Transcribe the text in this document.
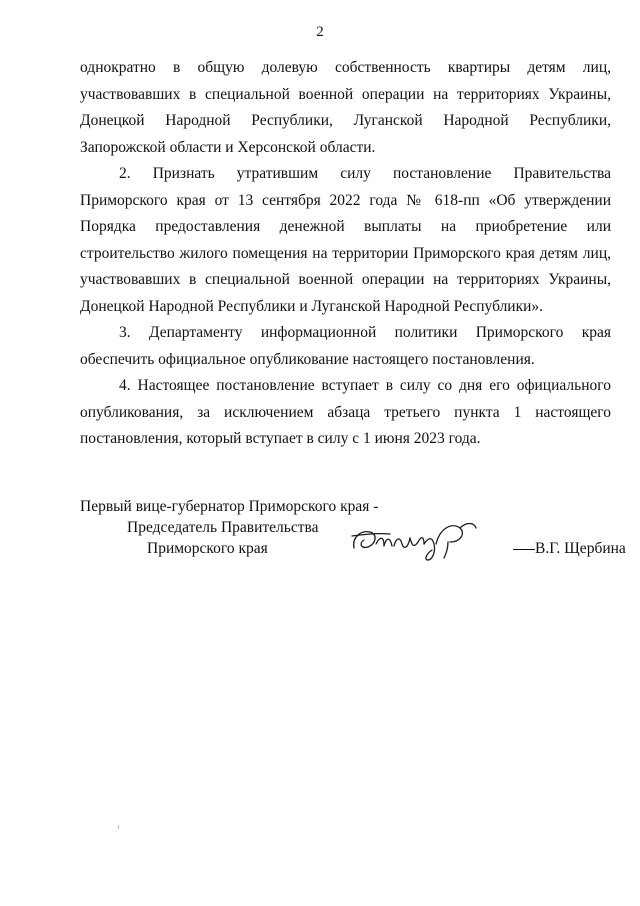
2

однократно в общую долевую собственность квартиры детям лиц, участвовавших в специальной военной операции на территориях Украины, Донецкой Народной Республики, Луганской Народной Республики, Запорожской области и Херсонской области.

2. Признать утратившим силу постановление Правительства Приморского края от 13 сентября 2022 года № 618-пп «Об утверждении Порядка предоставления денежной выплаты на приобретение или строительство жилого помещения на территории Приморского края детям лиц, участвовавших в специальной военной операции на территориях Украины, Донецкой Народной Республики и Луганской Народной Республики».

3. Департаменту информационной политики Приморского края обеспечить официальное опубликование настоящего постановления.

4. Настоящее постановление вступает в силу со дня его официального опубликования, за исключением абзаца третьего пункта 1 настоящего постановления, который вступает в силу с 1 июня 2023 года.

Первый вице-губернатор Приморского края -
Председатель Правительства
Приморского края	В.Г. Щербина
